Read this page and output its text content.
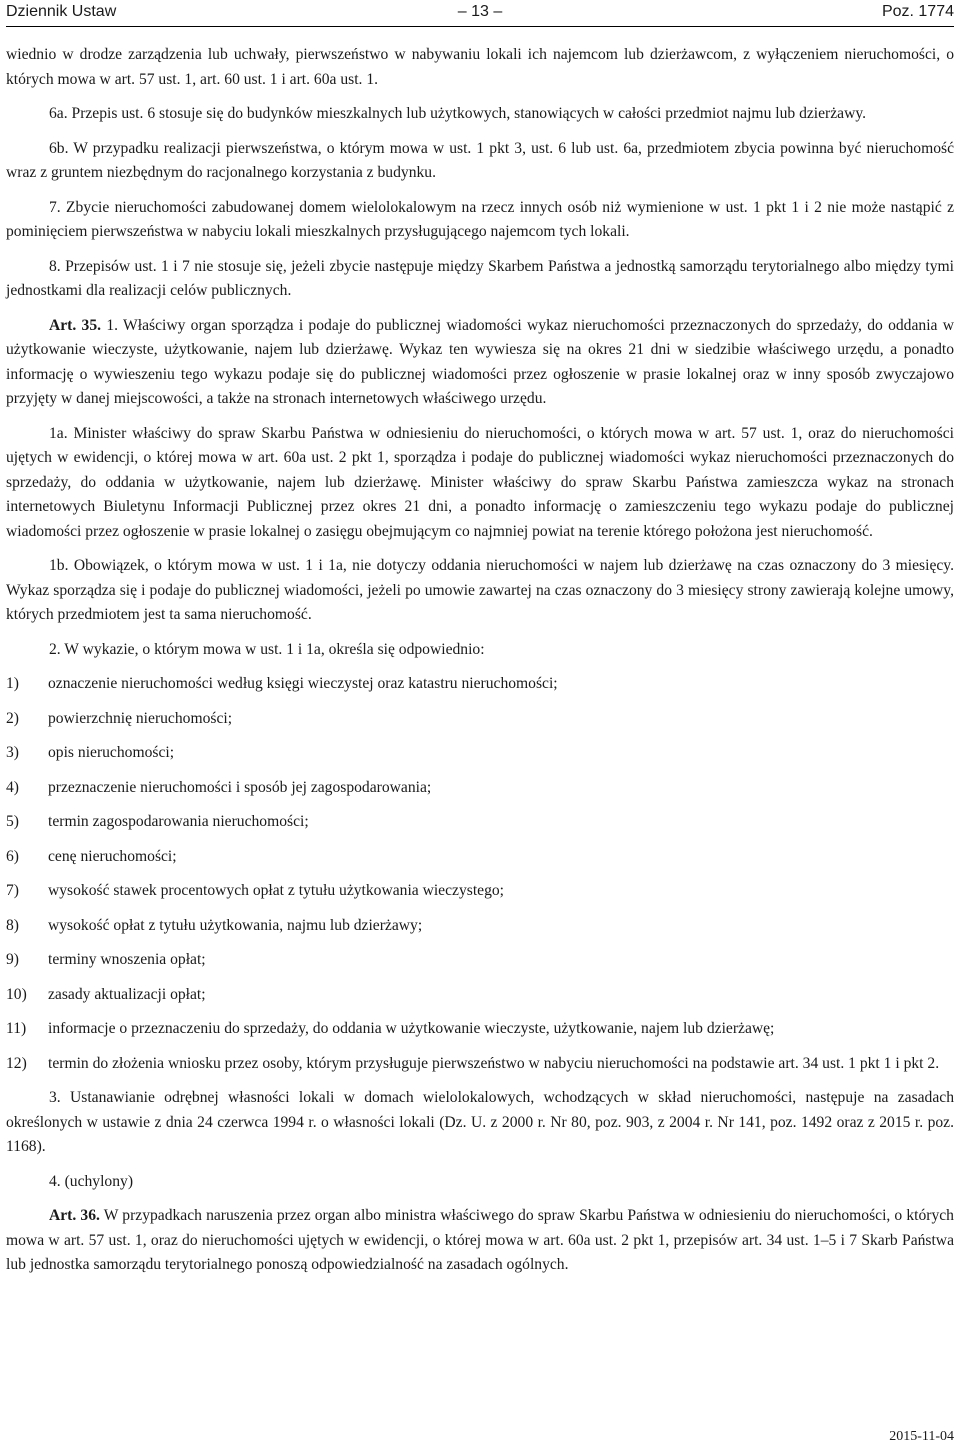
Dziennik Ustaw	– 13 –	Poz. 1774

wiednio w drodze zarządzenia lub uchwały, pierwszeństwo w nabywaniu lokali ich najemcom lub dzierżawcom, z wyłączeniem nieruchomości, o których mowa w art. 57 ust. 1, art. 60 ust. 1 i art. 60a ust. 1.

6a. Przepis ust. 6 stosuje się do budynków mieszkalnych lub użytkowych, stanowiących w całości przedmiot najmu lub dzierżawy.

6b. W przypadku realizacji pierwszeństwa, o którym mowa w ust. 1 pkt 3, ust. 6 lub ust. 6a, przedmiotem zbycia powinna być nieruchomość wraz z gruntem niezbędnym do racjonalnego korzystania z budynku.

7. Zbycie nieruchomości zabudowanej domem wielolokalowym na rzecz innych osób niż wymienione w ust. 1 pkt 1 i 2 nie może nastąpić z pominięciem pierwszeństwa w nabyciu lokali mieszkalnych przysługującego najemcom tych lokali.

8. Przepisów ust. 1 i 7 nie stosuje się, jeżeli zbycie następuje między Skarbem Państwa a jednostką samorządu terytorialnego albo między tymi jednostkami dla realizacji celów publicznych.

Art. 35. 1. Właściwy organ sporządza i podaje do publicznej wiadomości wykaz nieruchomości przeznaczonych do sprzedaży, do oddania w użytkowanie wieczyste, użytkowanie, najem lub dzierżawę. Wykaz ten wywiesza się na okres 21 dni w siedzibie właściwego urzędu, a ponadto informację o wywieszeniu tego wykazu podaje się do publicznej wiadomości przez ogłoszenie w prasie lokalnej oraz w inny sposób zwyczajowo przyjęty w danej miejscowości, a także na stronach internetowych właściwego urzędu.

1a. Minister właściwy do spraw Skarbu Państwa w odniesieniu do nieruchomości, o których mowa w art. 57 ust. 1, oraz do nieruchomości ujętych w ewidencji, o której mowa w art. 60a ust. 2 pkt 1, sporządza i podaje do publicznej wiadomości wykaz nieruchomości przeznaczonych do sprzedaży, do oddania w użytkowanie, najem lub dzierżawę. Minister właściwy do spraw Skarbu Państwa zamieszcza wykaz na stronach internetowych Biuletynu Informacji Publicznej przez okres 21 dni, a ponadto informację o zamieszczeniu tego wykazu podaje do publicznej wiadomości przez ogłoszenie w prasie lokalnej o zasięgu obejmującym co najmniej powiat na terenie którego położona jest nieruchomość.

1b. Obowiązek, o którym mowa w ust. 1 i 1a, nie dotyczy oddania nieruchomości w najem lub dzierżawę na czas oznaczony do 3 miesięcy. Wykaz sporządza się i podaje do publicznej wiadomości, jeżeli po umowie zawartej na czas oznaczony do 3 miesięcy strony zawierają kolejne umowy, których przedmiotem jest ta sama nieruchomość.

2. W wykazie, o którym mowa w ust. 1 i 1a, określa się odpowiednio:

1) oznaczenie nieruchomości według księgi wieczystej oraz katastru nieruchomości;
2) powierzchnię nieruchomości;
3) opis nieruchomości;
4) przeznaczenie nieruchomości i sposób jej zagospodarowania;
5) termin zagospodarowania nieruchomości;
6) cenę nieruchomości;
7) wysokość stawek procentowych opłat z tytułu użytkowania wieczystego;
8) wysokość opłat z tytułu użytkowania, najmu lub dzierżawy;
9) terminy wnoszenia opłat;
10) zasady aktualizacji opłat;
11) informacje o przeznaczeniu do sprzedaży, do oddania w użytkowanie wieczyste, użytkowanie, najem lub dzierżawę;
12) termin do złożenia wniosku przez osoby, którym przysługuje pierwszeństwo w nabyciu nieruchomości na podstawie art. 34 ust. 1 pkt 1 i pkt 2.

3. Ustanawianie odrębnej własności lokali w domach wielolokalowych, wchodzących w skład nieruchomości, następuje na zasadach określonych w ustawie z dnia 24 czerwca 1994 r. o własności lokali (Dz. U. z 2000 r. Nr 80, poz. 903, z 2004 r. Nr 141, poz. 1492 oraz z 2015 r. poz. 1168).

4. (uchylony)

Art. 36. W przypadkach naruszenia przez organ albo ministra właściwego do spraw Skarbu Państwa w odniesieniu do nieruchomości, o których mowa w art. 57 ust. 1, oraz do nieruchomości ujętych w ewidencji, o której mowa w art. 60a ust. 2 pkt 1, przepisów art. 34 ust. 1–5 i 7 Skarb Państwa lub jednostka samorządu terytorialnego ponoszą odpowiedzialność na zasadach ogólnych.

2015-11-04
